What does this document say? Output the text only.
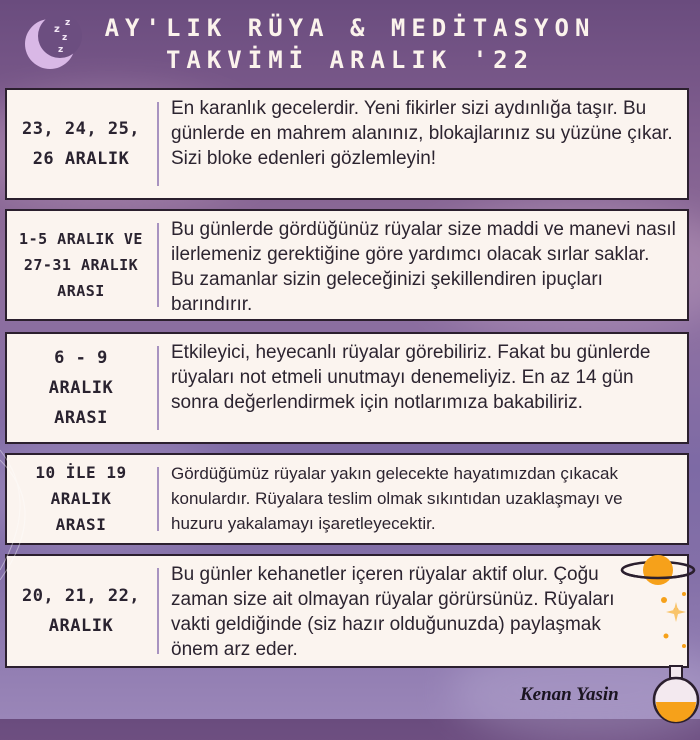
z
z
z
z	AY'LIK RÜYA & MEDİTASYON
TAKVİMİ ARALIK '22
23, 24, 25,
26 ARALIK
En karanlık gecelerdir. Yeni fikirler sizi aydınlığa taşır. Bu günlerde en mahrem alanınız, blokajlarınız su yüzüne çıkar. Sizi bloke edenleri gözlemleyin!
1-5 ARALIK VE
27-31 ARALIK
ARASI
Bu günlerde gördüğünüz rüyalar size maddi ve manevi nasıl ilerlemeniz gerektiğine göre yardımcı olacak sırlar saklar. Bu zamanlar sizin geleceğinizi şekillendiren ipuçları barındırır.
6 - 9
ARALIK
ARASI
Etkileyici, heyecanlı rüyalar görebiliriz. Fakat bu günlerde rüyaları not etmeli unutmayı denemeliyiz. En az 14 gün sonra değerlendirmek için notlarımıza bakabiliriz.
10 İLE 19
ARALIK
ARASI
Gördüğümüz rüyalar yakın gelecekte hayatımızdan çıkacak konulardır. Rüyalara teslim olmak sıkıntıdan uzaklaşmayı ve huzuru yakalamayı işaretleyecektir.
20, 21, 22,
ARALIK
Bu günler kehanetler içeren rüyalar aktif olur. Çoğu zaman size ait olmayan rüyalar görürsünüz. Rüyaları vakti geldiğinde (siz hazır olduğunuzda) paylaşmak önem arz eder.
Kenan Yasin
